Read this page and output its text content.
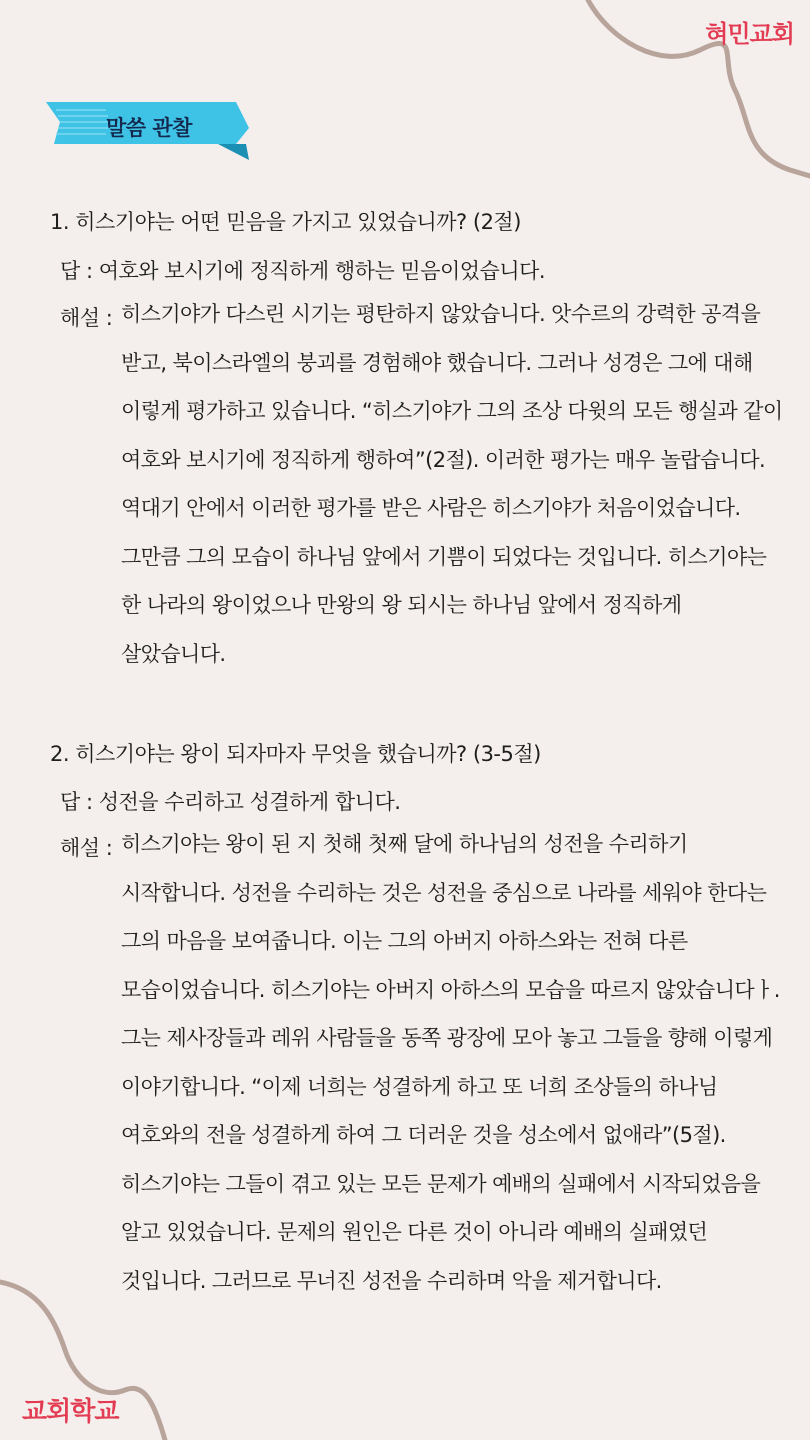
혀민교회
교회학교
말씀 관찰
1. 히스기야는 어떤 믿음을 가지고 있었습니까? (2절)
답 : 여호와 보시기에 정직하게 행하는 믿음이었습니다.
해설 : 히스기야가 다스린 시기는 평탄하지 않았습니다. 앗수르의 강력한 공격을 받고, 북이스라엘의 붕괴를 경험해야 했습니다. 그러나 성경은 그에 대해 이렇게 평가하고 있습니다. “히스기야가 그의 조상 다윗의 모든 행실과 같이 여호와 보시기에 정직하게 행하여”(2절). 이러한 평가는 매우 놀랍습니다. 역대기 안에서 이러한 평가를 받은 사람은 히스기야가 처음이었습니다. 그만큼 그의 모습이 하나님 앞에서 기쁨이 되었다는 것입니다. 히스기야는 한 나라의 왕이었으나 만왕의 왕 되시는 하나님 앞에서 정직하게 살았습니다.
2. 히스기야는 왕이 되자마자 무엇을 했습니까? (3-5절)
답 : 성전을 수리하고 성결하게 합니다.
해설 : 히스기야는 왕이 된 지 첫해 첫째 달에 하나님의 성전을 수리하기 시작합니다. 성전을 수리하는 것은 성전을 중심으로 나라를 세워야 한다는 그의 마음을 보여줍니다. 이는 그의 아버지 아하스와는 전혀 다른 모습이었습니다. 히스기야는 아버지 아하스의 모습을 따르지 않았습니다ㅏ. 그는 제사장들과 레위 사람들을 동쪽 광장에 모아 놓고 그들을 향해 이렇게 이야기합니다. “이제 너희는 성결하게 하고 또 너희 조상들의 하나님 여호와의 전을 성결하게 하여 그 더러운 것을 성소에서 없애라”(5절). 히스기야는 그들이 겪고 있는 모든 문제가 예배의 실패에서 시작되었음을 알고 있었습니다. 문제의 원인은 다른 것이 아니라 예배의 실패였던 것입니다. 그러므로 무너진 성전을 수리하며 악을 제거합니다.
